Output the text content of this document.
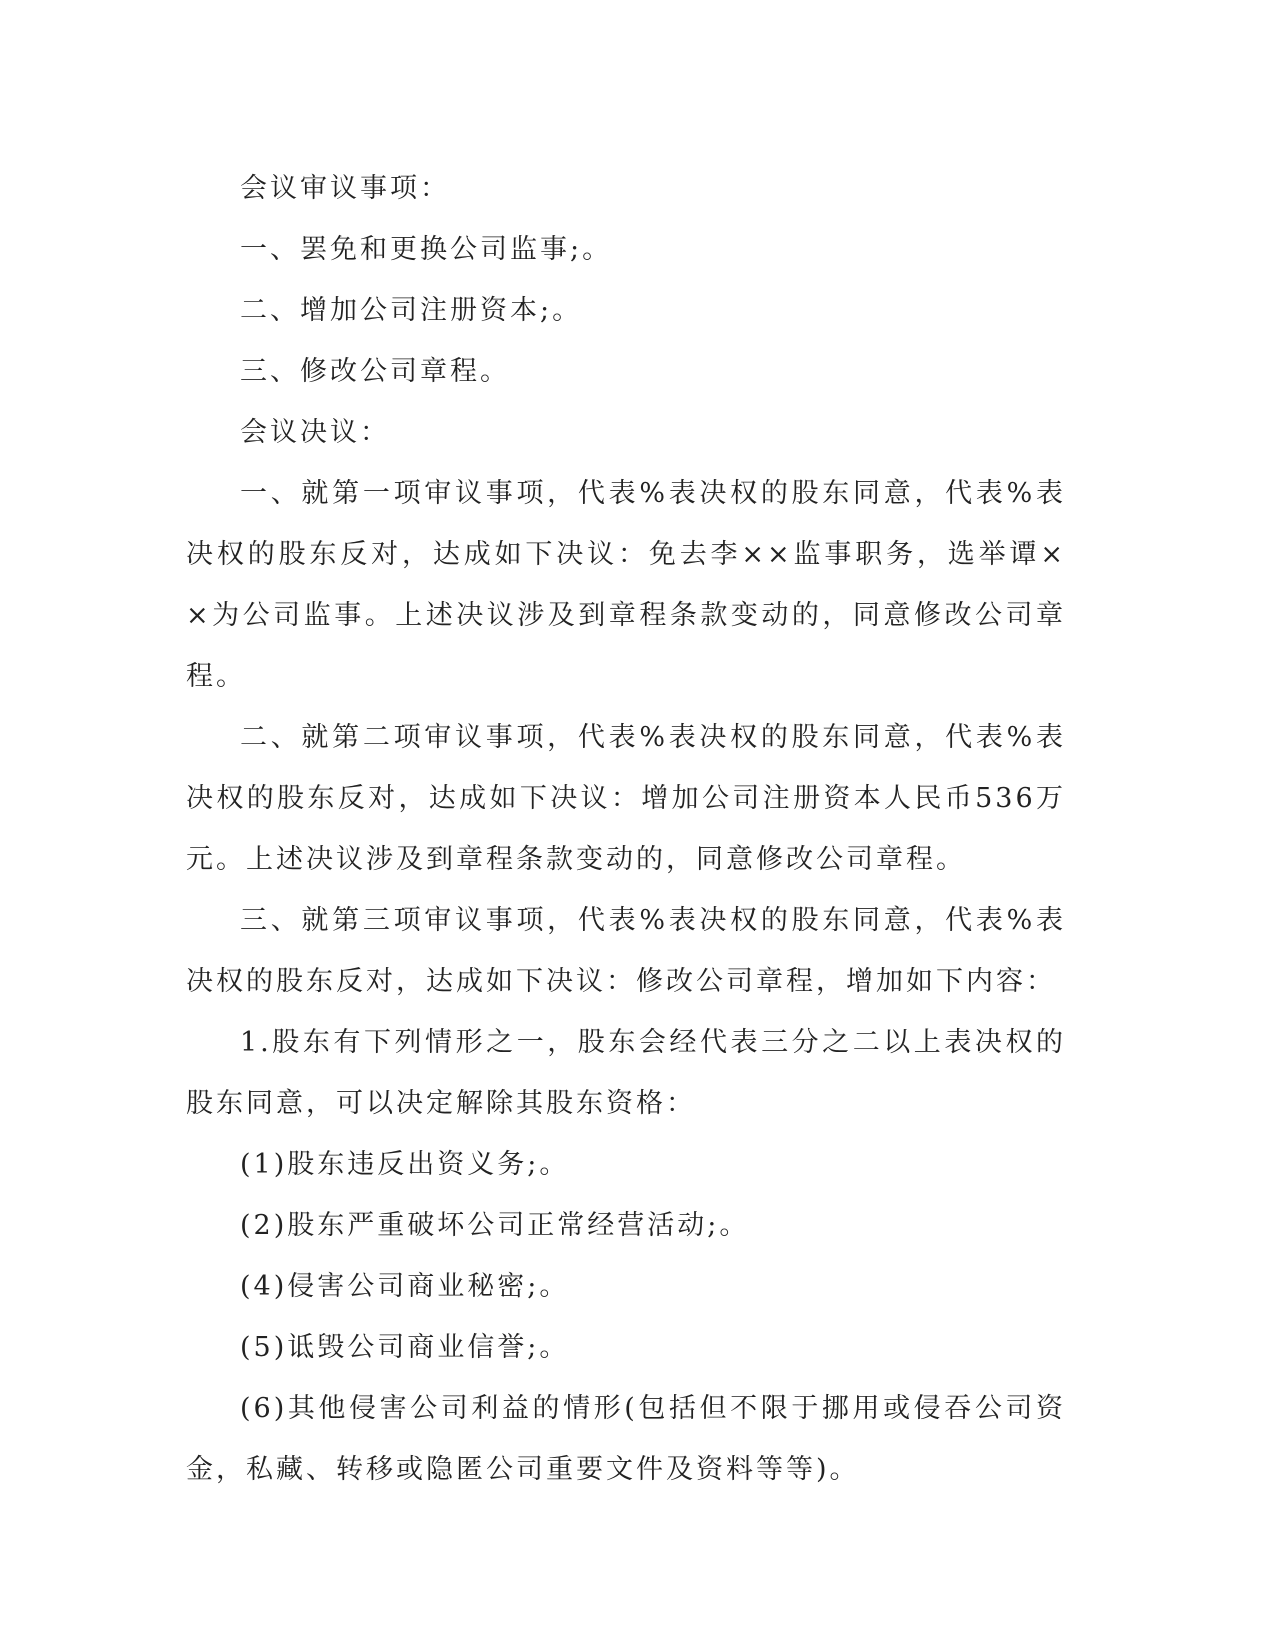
会议审议事项：

一、罢免和更换公司监事;。

二、增加公司注册资本;。

三、修改公司章程。

会议决议：

一、就第一项审议事项，代表%表决权的股东同意，代表%表决权的股东反对，达成如下决议：免去李××监事职务，选举谭××为公司监事。上述决议涉及到章程条款变动的，同意修改公司章程。

二、就第二项审议事项，代表%表决权的股东同意，代表%表决权的股东反对，达成如下决议：增加公司注册资本人民币536万元。上述决议涉及到章程条款变动的，同意修改公司章程。

三、就第三项审议事项，代表%表决权的股东同意，代表%表决权的股东反对，达成如下决议：修改公司章程，增加如下内容：

1.股东有下列情形之一，股东会经代表三分之二以上表决权的股东同意，可以决定解除其股东资格：

(1)股东违反出资义务;。

(2)股东严重破坏公司正常经营活动;。

(4)侵害公司商业秘密;。

(5)诋毁公司商业信誉;。

(6)其他侵害公司利益的情形(包括但不限于挪用或侵吞公司资金，私藏、转移或隐匿公司重要文件及资料等等)。
